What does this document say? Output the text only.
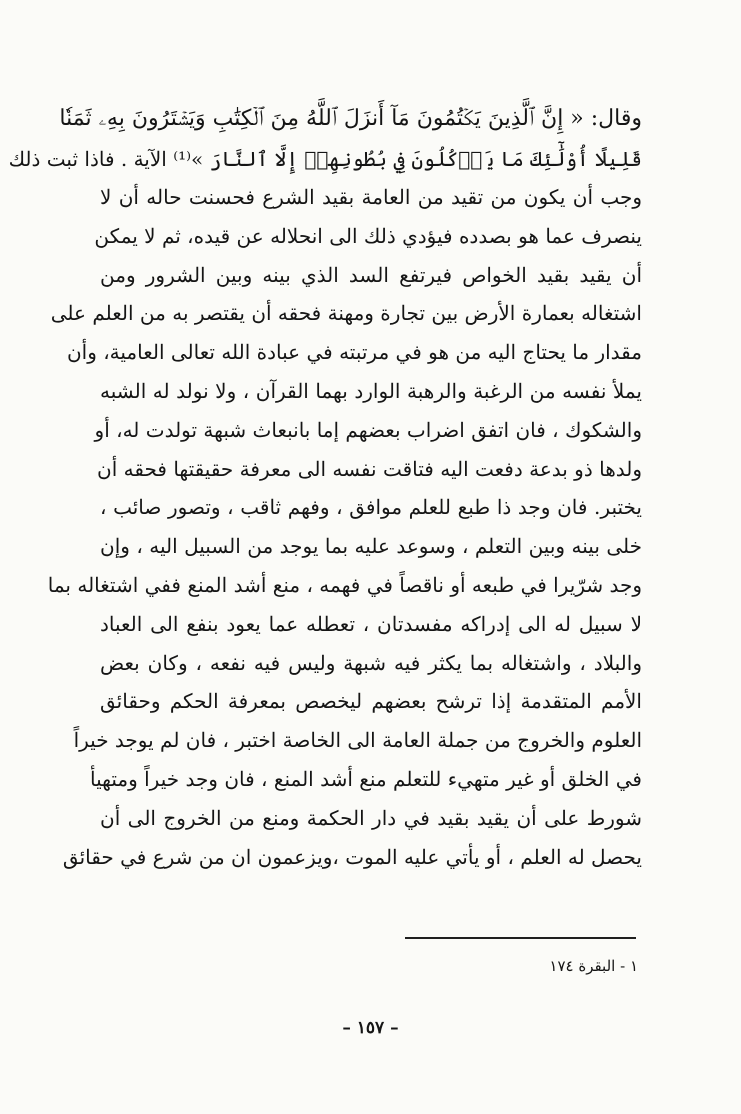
وقال: « إِنَّ ٱلَّذِينَ يَكۡتُمُونَ مَآ أَنزَلَ ٱللَّهُ مِنَ ٱلۡكِتَٰبِ وَيَشۡتَرُونَ بِهِۦ ثَمَنٗا
قَلِيلًا أُوْلَٰٓئِكَ مَا يَأۡكُلُونَ فِي بُطُونِهِمۡ إِلَّا ٱلنَّارَ »⁽¹⁾ الآية . فاذا ثبت ذلك
وجب أن يكون من تقيد من العامة بقيد الشرع فحسنت حاله أن لا
ينصرف عما هو بصدده فيؤدي ذلك الى انحلاله عن قيده، ثم لا يمكن
أن يقيد بقيد الخواص فيرتفع السد الذي بينه وبين الشرور ومن
اشتغاله بعمارة الأرض بين تجارة ومهنة فحقه أن يقتصر به من العلم على
مقدار ما يحتاج اليه من هو في مرتبته في عبادة الله تعالى العامية، وأن
يملأ نفسه من الرغبة والرهبة الوارد بهما القرآن ، ولا نولد له الشبه
والشكوك ، فان اتفق اضراب بعضهم إما بانبعاث شبهة تولدت له، أو
ولدها ذو بدعة دفعت اليه فتاقت نفسه الى معرفة حقيقتها فحقه أن
يختبر. فان وجد ذا طبع للعلم موافق ، وفهم ثاقب ، وتصور صائب ،
خلى بينه وبين التعلم ، وسوعد عليه بما يوجد من السبيل اليه ، وإن
وجد شرّيرا في طبعه أو ناقصاً في فهمه ، منع أشد المنع ففي اشتغاله بما
لا سبيل له الى إدراكه مفسدتان ، تعطله عما يعود بنفع الى العباد
والبلاد ، واشتغاله بما يكثر فيه شبهة وليس فيه نفعه ، وكان بعض
الأمم المتقدمة إذا ترشح بعضهم ليخصص بمعرفة الحكم وحقائق
العلوم والخروج من جملة العامة الى الخاصة اختبر ، فان لم يوجد خيراً
في الخلق أو غير متهيء للتعلم منع أشد المنع ، فان وجد خيراً ومتهيأ
شورط على أن يقيد بقيد في دار الحكمة ومنع من الخروج الى أن
يحصل له العلم ، أو يأتي عليه الموت ،ويزعمون ان من شرع في حقائق
١ - البقرة ١٧٤
– ١٥٧ –
